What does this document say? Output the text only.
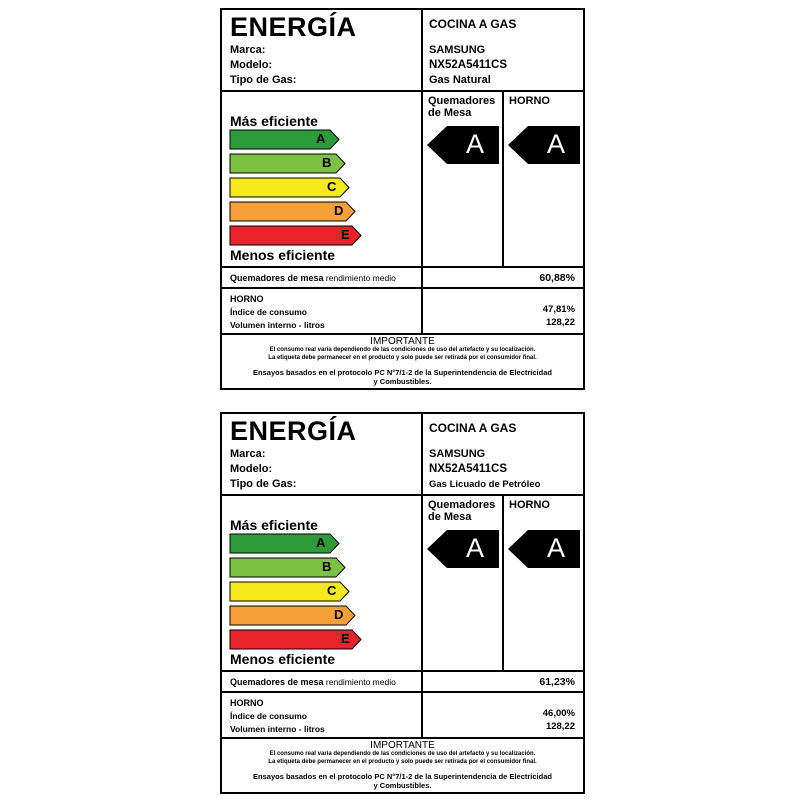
ENERGÍA
Marca:
Modelo:
Tipo de Gas:
COCINA A GAS
SAMSUNG
NX52A5411CS
Gas Natural
Más eficiente
A
B
C
D
E
Menos eficiente
Quemadores
de Mesa
A
HORNO
A
Quemadores de mesa rendimiento medio	60,88%
HORNO
Índice de consumo
Volumen interno - litros
47,81%
128,22
IMPORTANTE
El consumo real varía dependiendo de las condiciones de uso del artefacto y su localización.
La etiqueta debe permanecer en el producto y solo puede ser retirada por el consumidor final.
Ensayos basados en el protocolo PC N°7/1-2 de la Superintendencia de Electricidad
y Combustibles.
ENERGÍA
Marca:
Modelo:
Tipo de Gas:
COCINA A GAS
SAMSUNG
NX52A5411CS
Gas Licuado de Petróleo
Más eficiente
A
B
C
D
E
Menos eficiente
Quemadores
de Mesa
A
HORNO
A
Quemadores de mesa rendimiento medio	61,23%
HORNO
Índice de consumo
Volumen interno - litros
46,00%
128,22
IMPORTANTE
El consumo real varía dependiendo de las condiciones de uso del artefacto y su localización.
La etiqueta debe permanecer en el producto y solo puede ser retirada por el consumidor final.
Ensayos basados en el protocolo PC N°7/1-2 de la Superintendencia de Electricidad
y Combustibles.
